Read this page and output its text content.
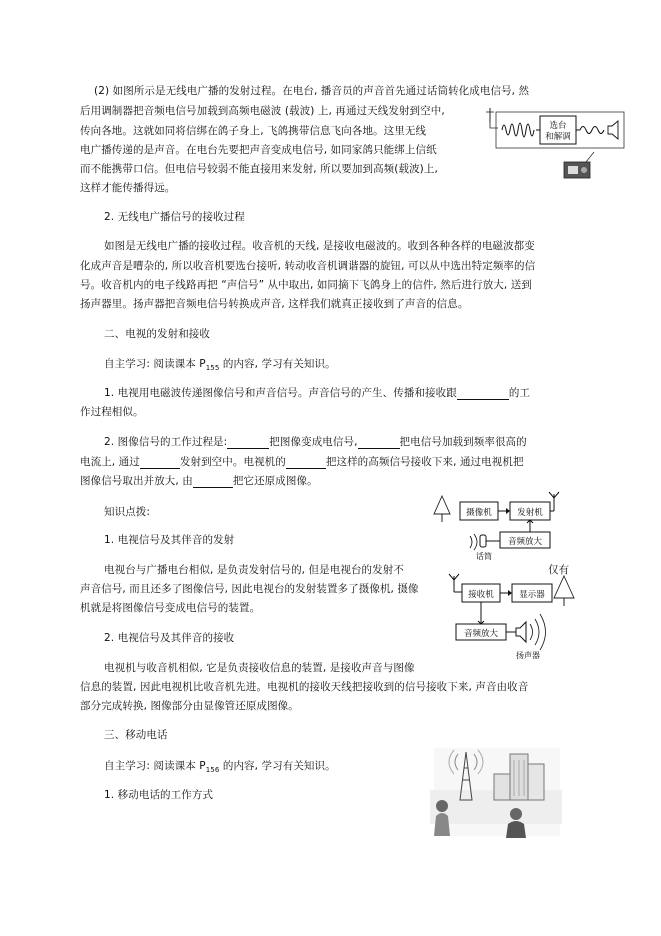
(2) 如图所示是无线电广播的发射过程。在电台, 播音员的声音首先通过话筒转化成电信号, 然
后用调制器把音频电信号加载到高频电磁波 (载波) 上, 再通过天线发射到空中,
传向各地。这就如同将信绑在鸽子身上, 飞鸽携带信息飞向各地。这里无线
电广播传递的是声音。在电台先要把声音变成电信号, 如同家鸽只能绑上信纸
而不能携带口信。但电信号较弱不能直接用来发射, 所以要加到高频(载波)上,
这样才能传播得远。
选台
和解调
2. 无线电广播信号的接收过程
如图是无线电广播的接收过程。收音机的天线, 是接收电磁波的。收到各种各样的电磁波都变
化成声音是嘈杂的, 所以收音机要选台接听, 转动收音机调谐器的旋钮, 可以从中选出特定频率的信
号。收音机内的电子线路再把 “声信号” 从中取出, 如同摘下飞鸽身上的信件, 然后进行放大, 送到
扬声器里。扬声器把音频电信号转换成声音, 这样我们就真正接收到了声音的信息。
二、电视的发射和接收
自主学习: 阅读课本 $P_{155}$ 的内容, 学习有关知识。
1. 电视用电磁波传递图像信号和声音信号。声音信号的产生、传播和接收跟	的工
作过程相似。
2. 图像信号的工作过程是:	把图像变成电信号,	把电信号加载到频率很高的
电流上, 通过	发射到空中。电视机的	把这样的高频信号接收下来, 通过电视机把
图像信号取出并放大, 由	把它还原成图像。
知识点拨:
1. 电视信号及其伴音的发射
电视台与广播电台相似, 是负责发射信号的, 但是电视台的发射不	仅有
声音信号, 而且还多了图像信号, 因此电视台的发射装置多了摄像机, 摄像
机就是将图像信号变成电信号的装置。
2. 电视信号及其伴音的接收
电视机与收音机相似, 它是负责接收信息的装置, 是接收声音与图像
信息的装置, 因此电视机比收音机先进。电视机的接收天线把接收到的信号接收下来, 声音由收音
部分完成转换, 图像部分由显像管还原成图像。
摄像机	发射机
音频放大
话筒
接收机	显示器
音频放大
扬声器
三、移动电话
自主学习: 阅读课本 $P_{156}$ 的内容, 学习有关知识。
1. 移动电话的工作方式
